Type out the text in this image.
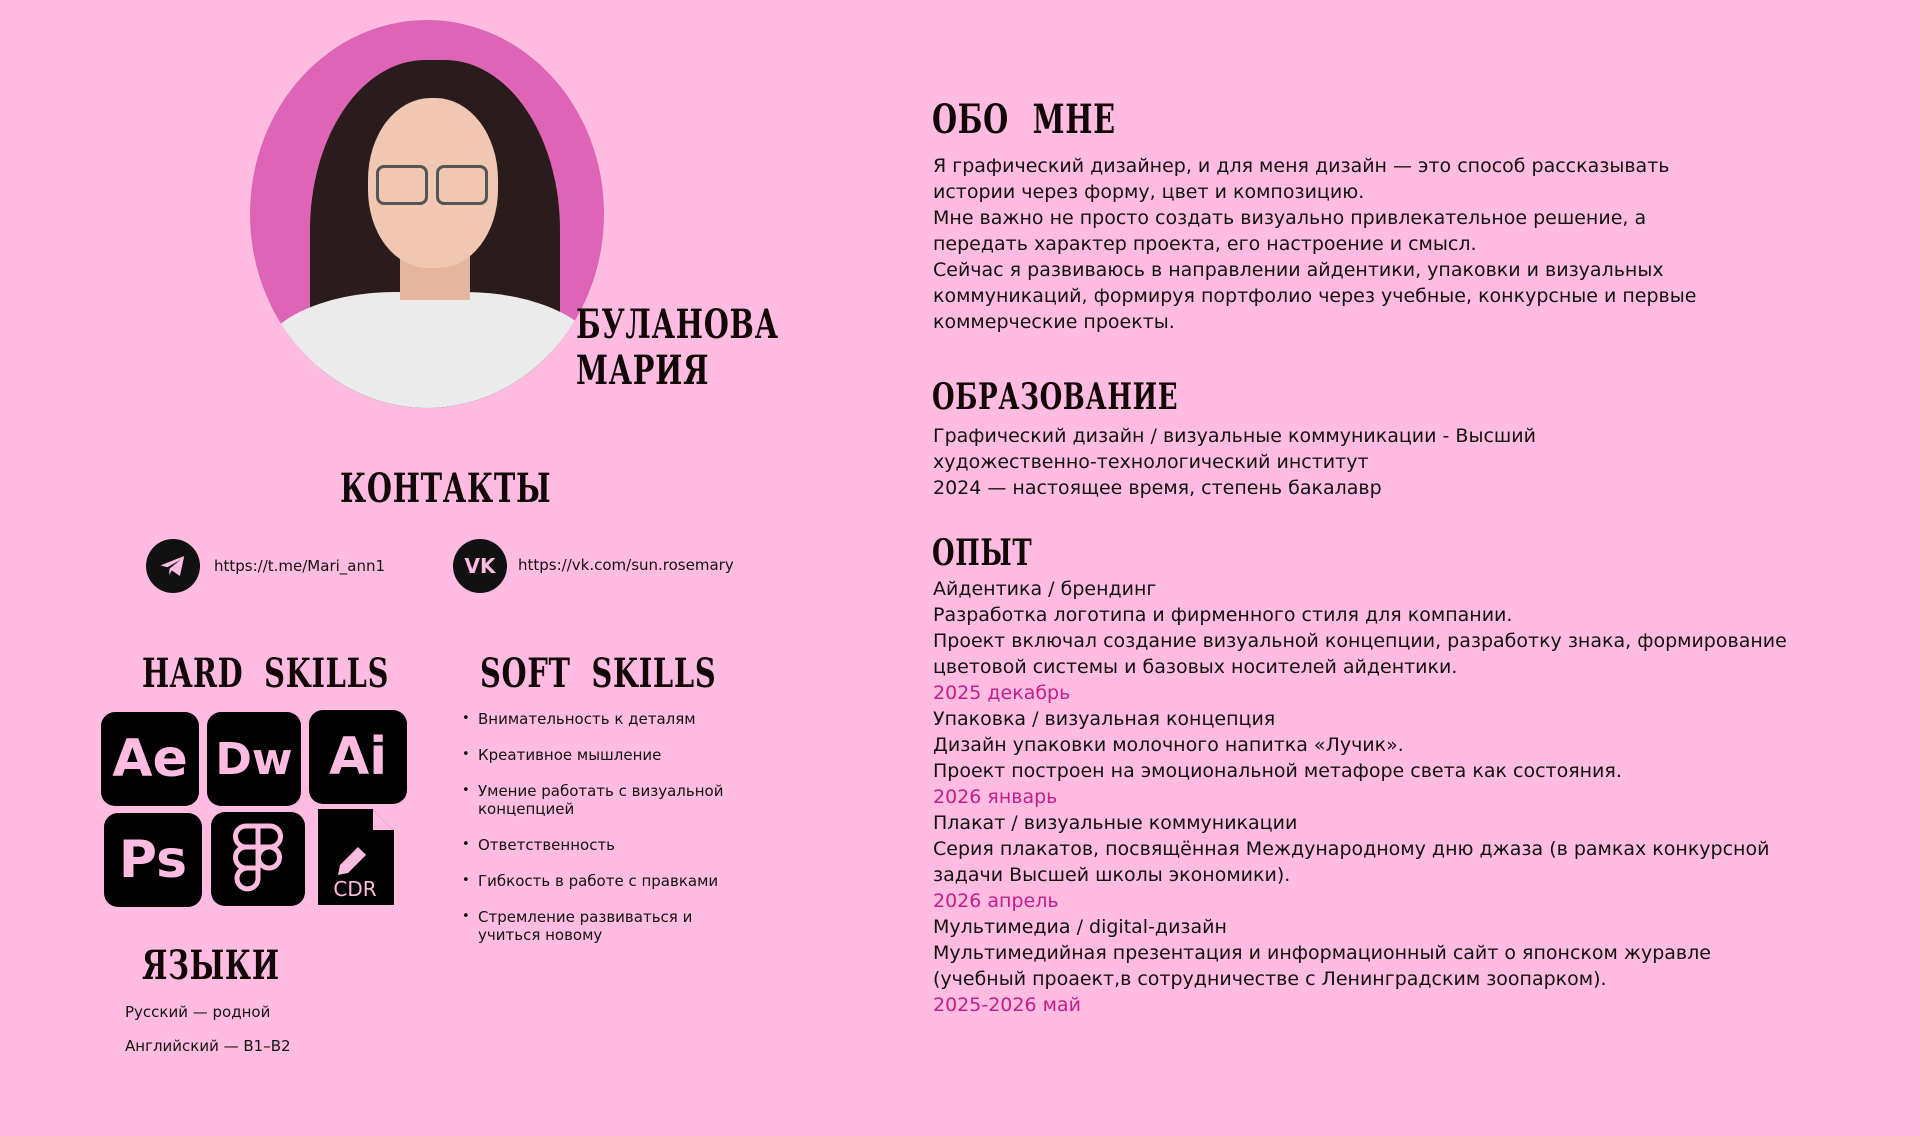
БУЛАНОВА
МАРИЯ
КОНТАКТЫ
https://t.me/Mari_ann1	VK https://vk.com/sun.rosemary
HARD SKILLS
Ae Dw Ai
Ps	CDR
SOFT SKILLS
• Внимательность к деталям
• Креативное мышление
• Умение работать с визуальной концепцией
• Ответственность
• Гибкость в работе с правками
• Стремление развиваться и учиться новому
ЯЗЫКИ
Русский — родной
Английский — B1–B2
ОБО МНЕ

Я графический дизайнер, и для меня дизайн — это способ рассказывать

истории через форму, цвет и композицию.

Мне важно не просто создать визуально привлекательное решение, а

передать характер проекта, его настроение и смысл.

Сейчас я развиваюсь в направлении айдентики, упаковки и визуальных

коммуникаций, формируя портфолио через учебные, конкурсные и первые

коммерческие проекты.

ОБРАЗОВАНИЕ

Графический дизайн / визуальные коммуникации - Высший

художественно-технологический институт

2024 — настоящее время, степень бакалавр

ОПЫТ

Айдентика / брендинг

Разработка логотипа и фирменного стиля для компании.

Проект включал создание визуальной концепции, разработку знака, формирование

цветовой системы и базовых носителей айдентики.

2025 декабрь

Упаковка / визуальная концепция

Дизайн упаковки молочного напитка «Лучик».

Проект построен на эмоциональной метафоре света как состояния.

2026 январь

Плакат / визуальные коммуникации

Серия плакатов, посвящённая Международному дню джаза (в рамках конкурсной

задачи Высшей школы экономики).

2026 апрель

Мультимедиа / digital-дизайн

Мультимедийная презентация и информационный сайт о японском журавле

(учебный проаект,в сотрудничестве с Ленинградским зоопарком).

2025-2026 май
